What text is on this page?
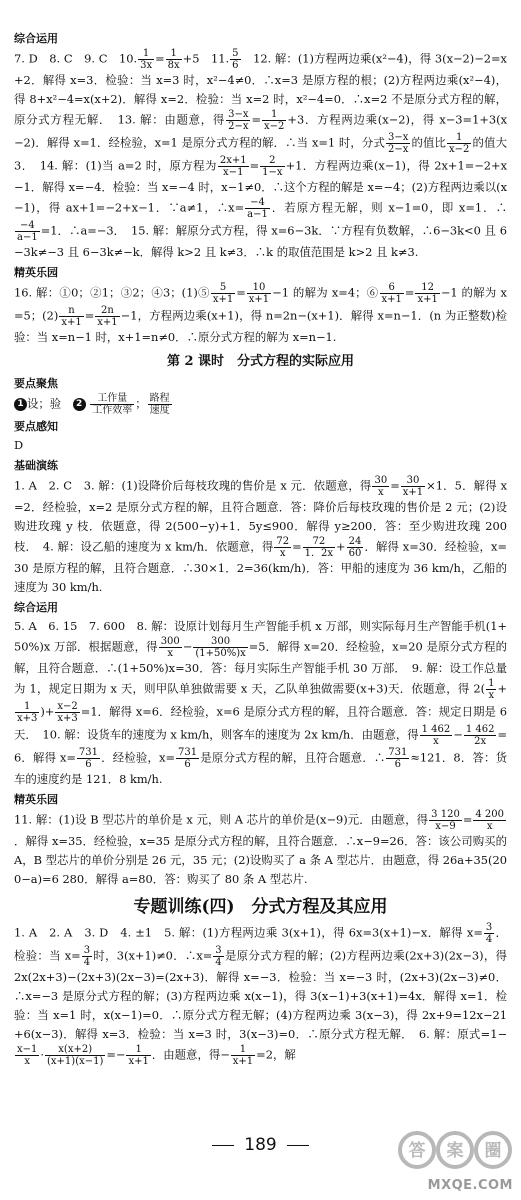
综合运用
7. D　8. C　9. C　10. $\frac{1}{3x} = \frac{1}{8x} +5$　11. $\frac{5}{6}$ 　12. 解：(1)方程两边乘(x²−4)，得 3(x−2)−2=x+2．解得 x=3．检验：当 x=3 时，x²−4≠0．∴x=3 是原方程的根；(2)方程两边乘(x²−4)，得 8+x²−4=x(x+2)．解得 x=2．检验：当 x=2 时，x²−4=0．∴x=2 不是原分式方程的解，原分式方程无解．　13. 解：由题意，得 $\frac{3-x}{2-x} = \frac{1}{x-2} +3$．方程两边乘(x−2)，得 x−3=1+3(x−2)．解得 x=1．经检验，x=1 是原分式方程的解．∴当 x=1 时，分式 $\frac{3-x}{2-x}$ 的值比 $\frac{1}{x-2}$ 的值大 3．　14. 解：(1)当 a=2 时，原方程为 $\frac{2x+1}{x-1} = \frac{2}{1-x} +1$．方程两边乘(x−1)，得 2x+1=−2+x−1．解得 x=−4．检验：当 x=−4 时，x−1≠0．∴这个方程的解是 x=−4；(2)方程两边乘以(x−1)，得 ax+1=−2+x−1．∵a≠1，∴x= $\frac{-4}{a-1}$ ．若原方程无解，则 x−1=0，即 x=1．∴
$\frac{-4}{a-1} =1$．∴a=−3．　15. 解：解原分式方程，得 x=6−3k．∵方程有负数解，∴6−3k<0 且 6−3k≠−3 且 6−3k≠−k．解得 k>2 且 k≠3．∴k 的取值范围是 k>2 且 k≠3.
精英乐园
16. 解：①0；②1；③2；④3；(1)⑤ $\frac{5}{x+1} = \frac{10}{x+1} -1$ 的解为 x=4；⑥ $\frac{6}{x+1} = \frac{12}{x+1} -1$ 的解为 x=5；$(2) \frac{n}{x+1} = \frac{2n}{x+1} -1$，方程两边乘(x+1)，得 n=2n−(x+1)．解得 x=n−1．(n 为正整数)检验：当 x=n−1 时，x+1=n≠0．∴原分式方程的解为 x=n−1.
第 2 课时　分式方程的实际应用
要点聚焦
1 设；验　$2 \frac{\text{工作量}}{\text{工作效率}}$ ； $\frac{\text{路程}}{\text{速度}}$
要点感知
D
基础演练
1. A　2. C　3. 解：(1)设降价后每枝玫瑰的售价是 x 元．依题意，得 $\frac{30}{x} = \frac{30}{x+1} \times 1$．5．解得 x=2．经检验，x=2 是原分式方程的解，且符合题意．答：降价后每枝玫瑰的售价是 2 元；(2)设购进玫瑰 y 枝．依题意，得 2(500−y)+1．5y≤900．解得 y≥200．答：至少购进玫瑰 200 枝．　4. 解：设乙船的速度为 x km/h．依题意，得 $\frac{72}{x} = \frac{72}{1.2x} + \frac{24}{60}$ ．解得 x=30．经检验，x=30 是原方程的解，且符合题意．∴30×1．2=36(km/h)．答：甲船的速度为 36 km/h，乙船的速度为 30 km/h.
综合运用
5. A　6. 15　7. 600　8. 解：设原计划每月生产智能手机 x 万部，则实际每月生产智能手机(1+50%)x 万部．根据题意，得 $\frac{300}{x} - \frac{300}{(1+50\%)x} =5$．解得 x=20．经检验，x=20 是原分式方程的解，且符合题意．∴(1+50%)x=30．答：每月实际生产智能手机 30 万部．　9. 解：设工作总量为 1，规定日期为 x 天，则甲队单独做需要 x 天，乙队单独做需要(x+3)天．依题意，得 $2( \frac{1}{x}$ +
$\frac{1}{x+3}$ )+ $\frac{x-2}{x+3} =1$．解得 x=6．经检验，x=6 是原分式方程的解，且符合题意．答：规定日期是 6 天．　10. 解：设货车的速度为 x km/h，则客车的速度为 2x km/h．由题意，得 $\frac{1 462}{x} - \frac{1 462}{2x} =6$．解得 $x= \frac{731}{6}$ ．经检验，$x= \frac{731}{6}$ 是原分式方程的解，且符合题意．∴ $\frac{731}{6} \approx 121$．8．答：货车的速度约是 121．8 km/h.
精英乐园
11. 解：(1)设 B 型芯片的单价是 x 元，则 A 芯片的单价是(x−9)元．由题意，得 $\frac{3 120}{x-9} = \frac{4 200}{x}$
．解得 x=35．经检验，x=35 是原分式方程的解，且符合题意．∴x−9=26．答：该公司购买的 A，B 型芯片的单价分别是 26 元，35 元；(2)设购买了 a 条 A 型芯片．由题意，得 26a+35(200−a)=6 280．解得 a=80．答：购买了 80 条 A 型芯片.
专题训练(四)　分式方程及其应用
1. A　2. A　3. D　4. ±1　5. 解：(1)方程两边乘 3(x+1)，得 6x=3(x+1)−x．解得 $x= \frac{3}{4}$ ．检验：当 $x= \frac{3}{4}$ 时，3(x+1)≠0．∴x= $\frac{3}{4}$ 是原分式方程的解；(2)方程两边乘(2x+3)(2x−3)，得 2x(2x+3)−(2x+3)(2x−3)=(2x+3)．解得 x=−3．检验：当 x=−3 时，(2x+3)(2x−3)≠0．∴x=−3 是原分式方程的解；(3)方程两边乘 x(x−1)，得 3(x−1)+3(x+1)=4x．解得 x=1．检验：当 x=1 时，x(x−1)=0．∴原分式方程无解；(4)方程两边乘 3(x−3)，得 2x+9=12x−21+6(x−3)．解得 x=3．检验：当 x=3 时，3(x−3)=0．∴原分式方程无解．　6. 解：原式=1−
$\frac{x-1}{x} \cdot \frac{x(x+2)}{(x+1)(x-1)} =- \frac{1}{x+1}$ ．由题意，得− $\frac{1}{x+1} =2$，解
189	答 案 圈
MXQE.COM
